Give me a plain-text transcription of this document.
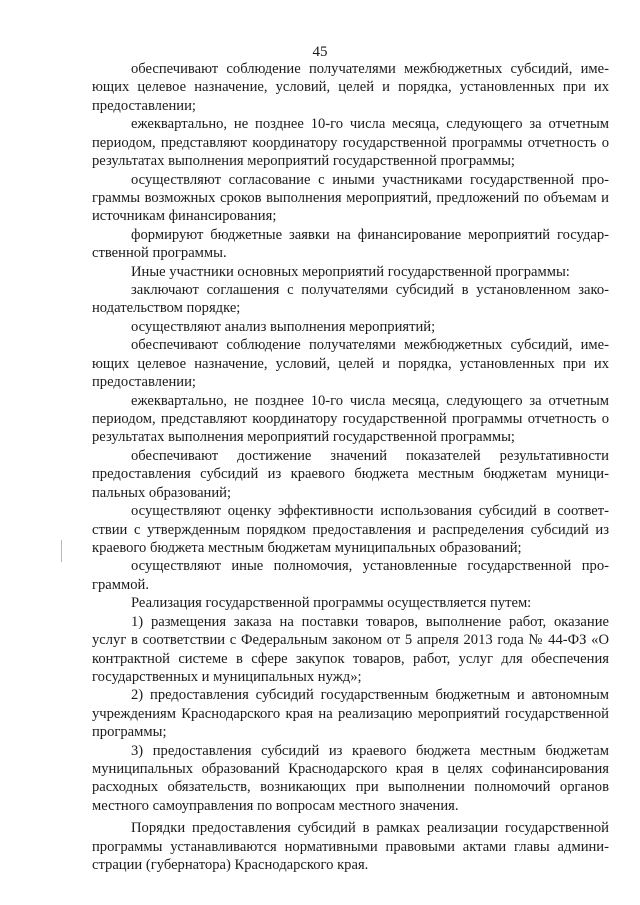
45

обеспечивают соблюдение получателями межбюджетных субсидий, имеющих целевое назначение, условий, целей и порядка, установленных при их предоставлении;

ежеквартально, не позднее 10-го числа месяца, следующего за отчетным периодом, представляют координатору государственной программы отчетность о результатах выполнения мероприятий государственной программы;

осуществляют согласование с иными участниками государственной программы возможных сроков выполнения мероприятий, предложений по объемам и источникам финансирования;

формируют бюджетные заявки на финансирование мероприятий государственной программы.

Иные участники основных мероприятий государственной программы:

заключают соглашения с получателями субсидий в установленном законодательством порядке;

осуществляют анализ выполнения мероприятий;

обеспечивают соблюдение получателями межбюджетных субсидий, имеющих целевое назначение, условий, целей и порядка, установленных при их предоставлении;

ежеквартально, не позднее 10-го числа месяца, следующего за отчетным периодом, представляют координатору государственной программы отчетность о результатах выполнения мероприятий государственной программы;

обеспечивают достижение значений показателей результативности предоставления субсидий из краевого бюджета местным бюджетам муниципальных образований;

осуществляют оценку эффективности использования субсидий в соответствии с утвержденным порядком предоставления и распределения субсидий из краевого бюджета местным бюджетам муниципальных образований;

осуществляют иные полномочия, установленные государственной программой.

Реализация государственной программы осуществляется путем:

1) размещения заказа на поставки товаров, выполнение работ, оказание услуг в соответствии с Федеральным законом от 5 апреля 2013 года № 44-ФЗ «О контрактной системе в сфере закупок товаров, работ, услуг для обеспечения государственных и муниципальных нужд»;

2) предоставления субсидий государственным бюджетным и автономным учреждениям Краснодарского края на реализацию мероприятий государственной программы;

3) предоставления субсидий из краевого бюджета местным бюджетам муниципальных образований Краснодарского края в целях софинансирования расходных обязательств, возникающих при выполнении полномочий органов местного самоуправления по вопросам местного значения.

Порядки предоставления субсидий в рамках реализации государственной программы устанавливаются нормативными правовыми актами главы администрации (губернатора) Краснодарского края.
